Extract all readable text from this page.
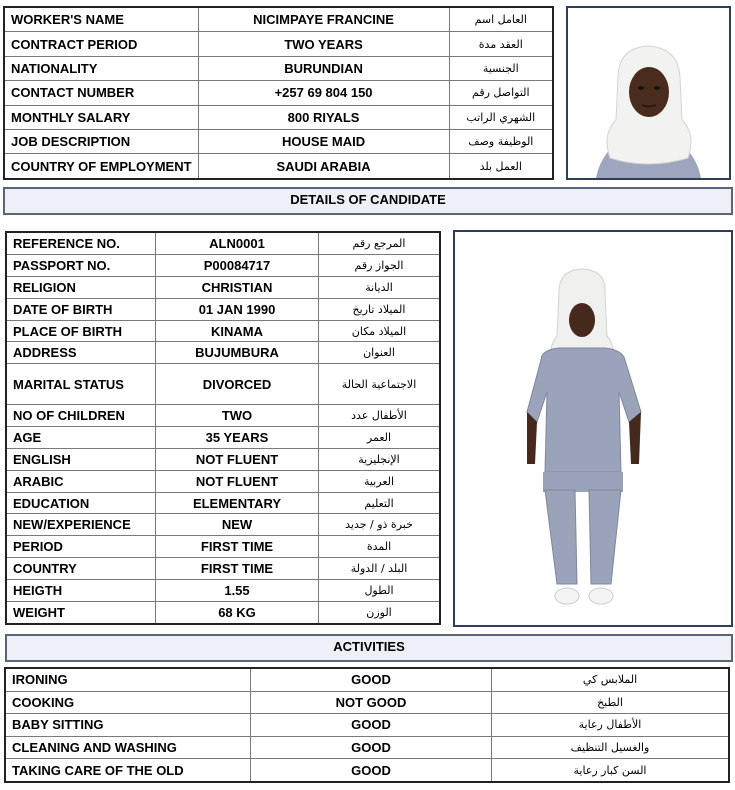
WORKER'S NAME	NICIMPAYE FRANCINE	العامل اسم
CONTRACT PERIOD	TWO YEARS	العقد مدة
NATIONALITY	BURUNDIAN	الجنسية
CONTACT NUMBER	+257 69 804 150	التواصل رقم
MONTHLY SALARY	800 RIYALS	الشهري الراتب
JOB DESCRIPTION	HOUSE MAID	الوظيفة وصف
COUNTRY OF EMPLOYMENT	SAUDI ARABIA	العمل بلد
DETAILS OF CANDIDATE
REFERENCE NO.	ALN0001	المرجع رقم
PASSPORT NO.	P00084717	الجواز رقم
RELIGION	CHRISTIAN	الديانة
DATE OF BIRTH	01 JAN 1990	الميلاد تاريخ
PLACE OF BIRTH	KINAMA	الميلاد مكان
ADDRESS	BUJUMBURA	العنوان
MARITAL STATUS	DIVORCED	الاجتماعية الحالة
NO OF CHILDREN	TWO	الأطفال عدد
AGE	35 YEARS	العمر
ENGLISH	NOT FLUENT	الإنجليزية
ARABIC	NOT FLUENT	العربية
EDUCATION	ELEMENTARY	التعليم
NEW/EXPERIENCE	NEW	خبرة ذو / جديد
PERIOD	FIRST TIME	المدة
COUNTRY	FIRST TIME	البلد / الدولة
HEIGTH	1.55	الطول
WEIGHT	68 KG	الوزن
ACTIVITIES
IRONING	GOOD	الملابس كي
COOKING	NOT GOOD	الطبخ
BABY SITTING	GOOD	الأطفال رعاية
CLEANING AND WASHING	GOOD	والغسيل التنظيف
TAKING CARE OF THE OLD	GOOD	السن كبار رعاية
